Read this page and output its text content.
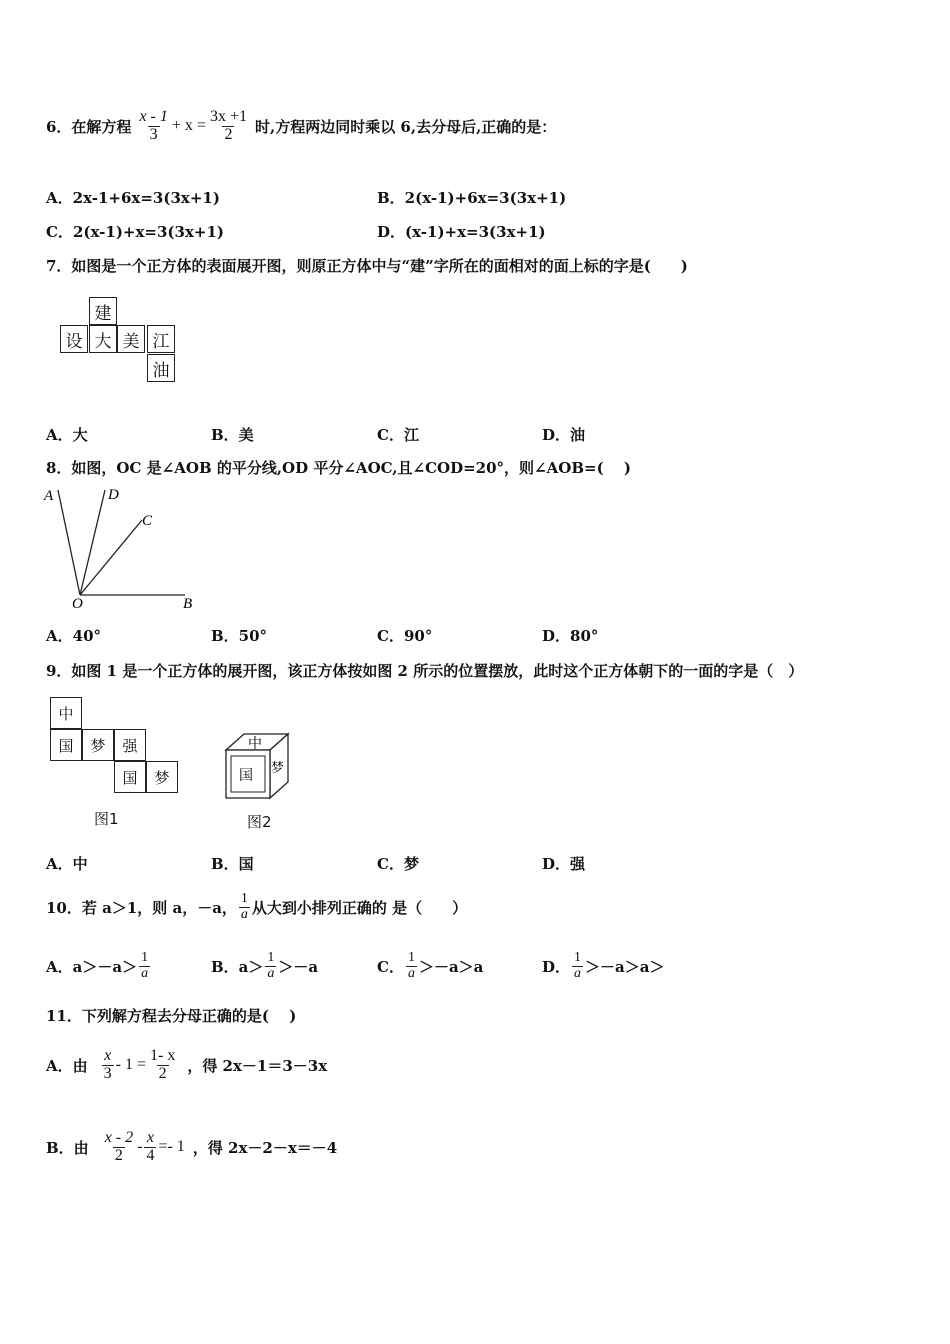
6．在解方程 $\frac{x - 1}{3} + x = \frac{3x +1}{2}$ 时,方程两边同时乘以 6,去分母后,正确的是：
A．2x-1+6x=3(3x+1)	B．2(x-1)+6x=3(3x+1)
C．2(x-1)+x=3(3x+1)	D．(x-1)+x=3(3x+1)
7．如图是一个正方体的表面展开图，则原正方体中与“建”字所在的面相对的面上标的字是(　　)
建
设 大 美 江
油
A．大	B．美	C．江	D．油
8．如图，OC 是∠AOB 的平分线,OD 平分∠AOC,且∠COD=20°，则∠AOB=(　 )
A	D
C
O	B
A．40°	B．50°	C．90°	D．80°
9．如图 1 是一个正方体的展开图，该正方体按如图 2 所示的位置摆放，此时这个正方体朝下的一面的字是（　）
中
国	梦	强
国	梦
图1
中
国 梦
图2
A．中	B．国	C．梦	D．强
10．若 a＞1，则 a，－a， $\frac{1}{a}$ 从大到小排列正确的 是（　　）
A．$a>-a> \frac{1}{a}$	B．$a> \frac{1}{a} >-a$	C． $\frac{1}{a} >-a>a$	D． $\frac{1}{a} >-a>a>$
11．下列解方程去分母正确的是(　 )
A．由 $\frac{x}{3} - 1 = \frac{1- x}{2}$ ，得 2x－1＝3－3x
B．由 $\frac{x - 2}{2} - \frac{x}{4} =- 1$ ，得 2x－2－x＝－4
